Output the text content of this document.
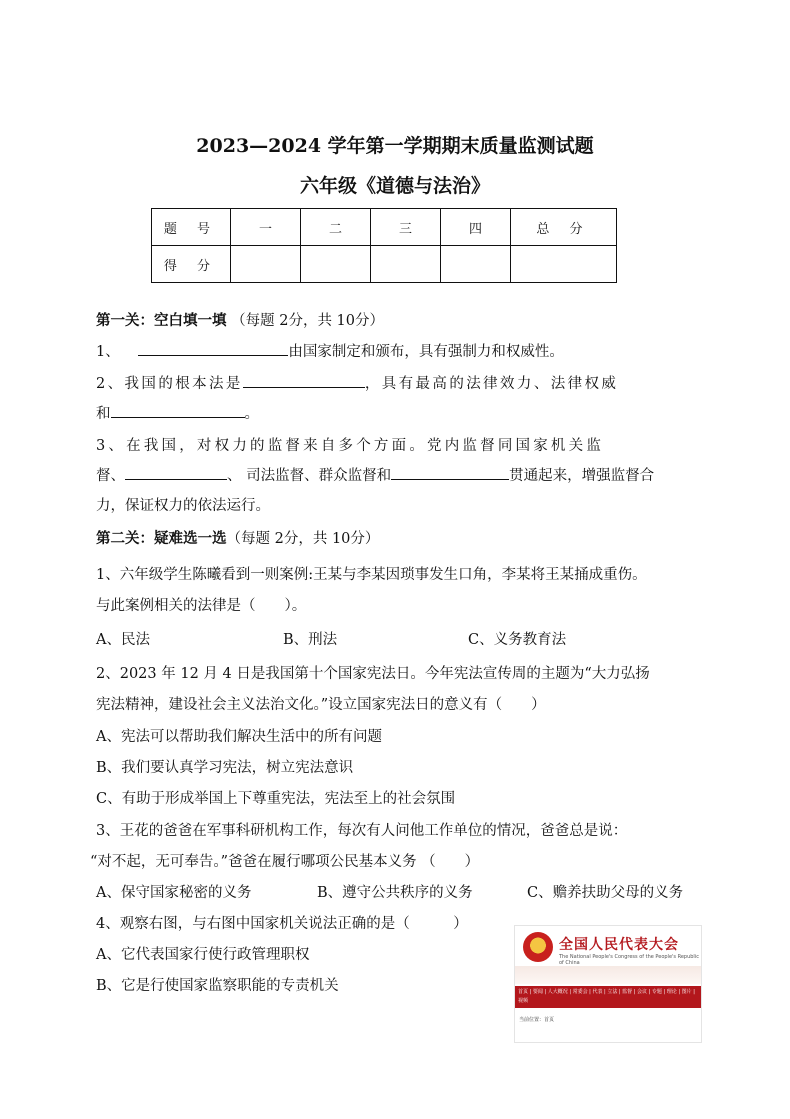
2023—2024 学年第一学期期末质量监测试题
六年级《道德与法治》
题 号	一	二	三	四	总 分
得 分					
第一关：空白填一填 （每题 2分，共 10分）
1、	由国家制定和颁布，具有强制力和权威性。
2、我国的根本法是	，具有最高的法律效力、法律权威
和	。
3、在我国，对权力的监督来自多个方面。党内监督同国家机关监
督、	、 司法监督、群众监督和	贯通起来，增强监督合
力，保证权力的依法运行。
第二关：疑难选一选（每题 2分，共 10分）
1、六年级学生陈曦看到一则案例:王某与李某因琐事发生口角，李某将王某捅成重伤。
与此案例相关的法律是（　　）。
A、民法	B、刑法	C、义务教育法
2、2023 年 12 月 4 日是我国第十个国家宪法日。今年宪法宣传周的主题为“大力弘扬
宪法精神，建设社会主义法治文化。”设立国家宪法日的意义有（　　）
A、宪法可以帮助我们解决生活中的所有问题
B、我们要认真学习宪法，树立宪法意识
C、有助于形成举国上下尊重宪法，宪法至上的社会氛围
3、王花的爸爸在军事科研机构工作，每次有人问他工作单位的情况，爸爸总是说：
“对不起，无可奉告。”爸爸在履行哪项公民基本义务 （　　）
A、保守国家秘密的义务	B、遵守公共秩序的义务	C、赡养扶助父母的义务
4、观察右图，与右图中国家机关说法正确的是（　　　）
A、它代表国家行使行政管理职权
B、它是行使国家监察职能的专责机关
全国人民代表大会
The National People's Congress of the People's Republic of China
首页 | 要闻 | 人大概况 | 常委会 | 代表 | 立法 | 监督 | 会议 | 专题 | 理论 | 图片 | 视频
当前位置：首页
